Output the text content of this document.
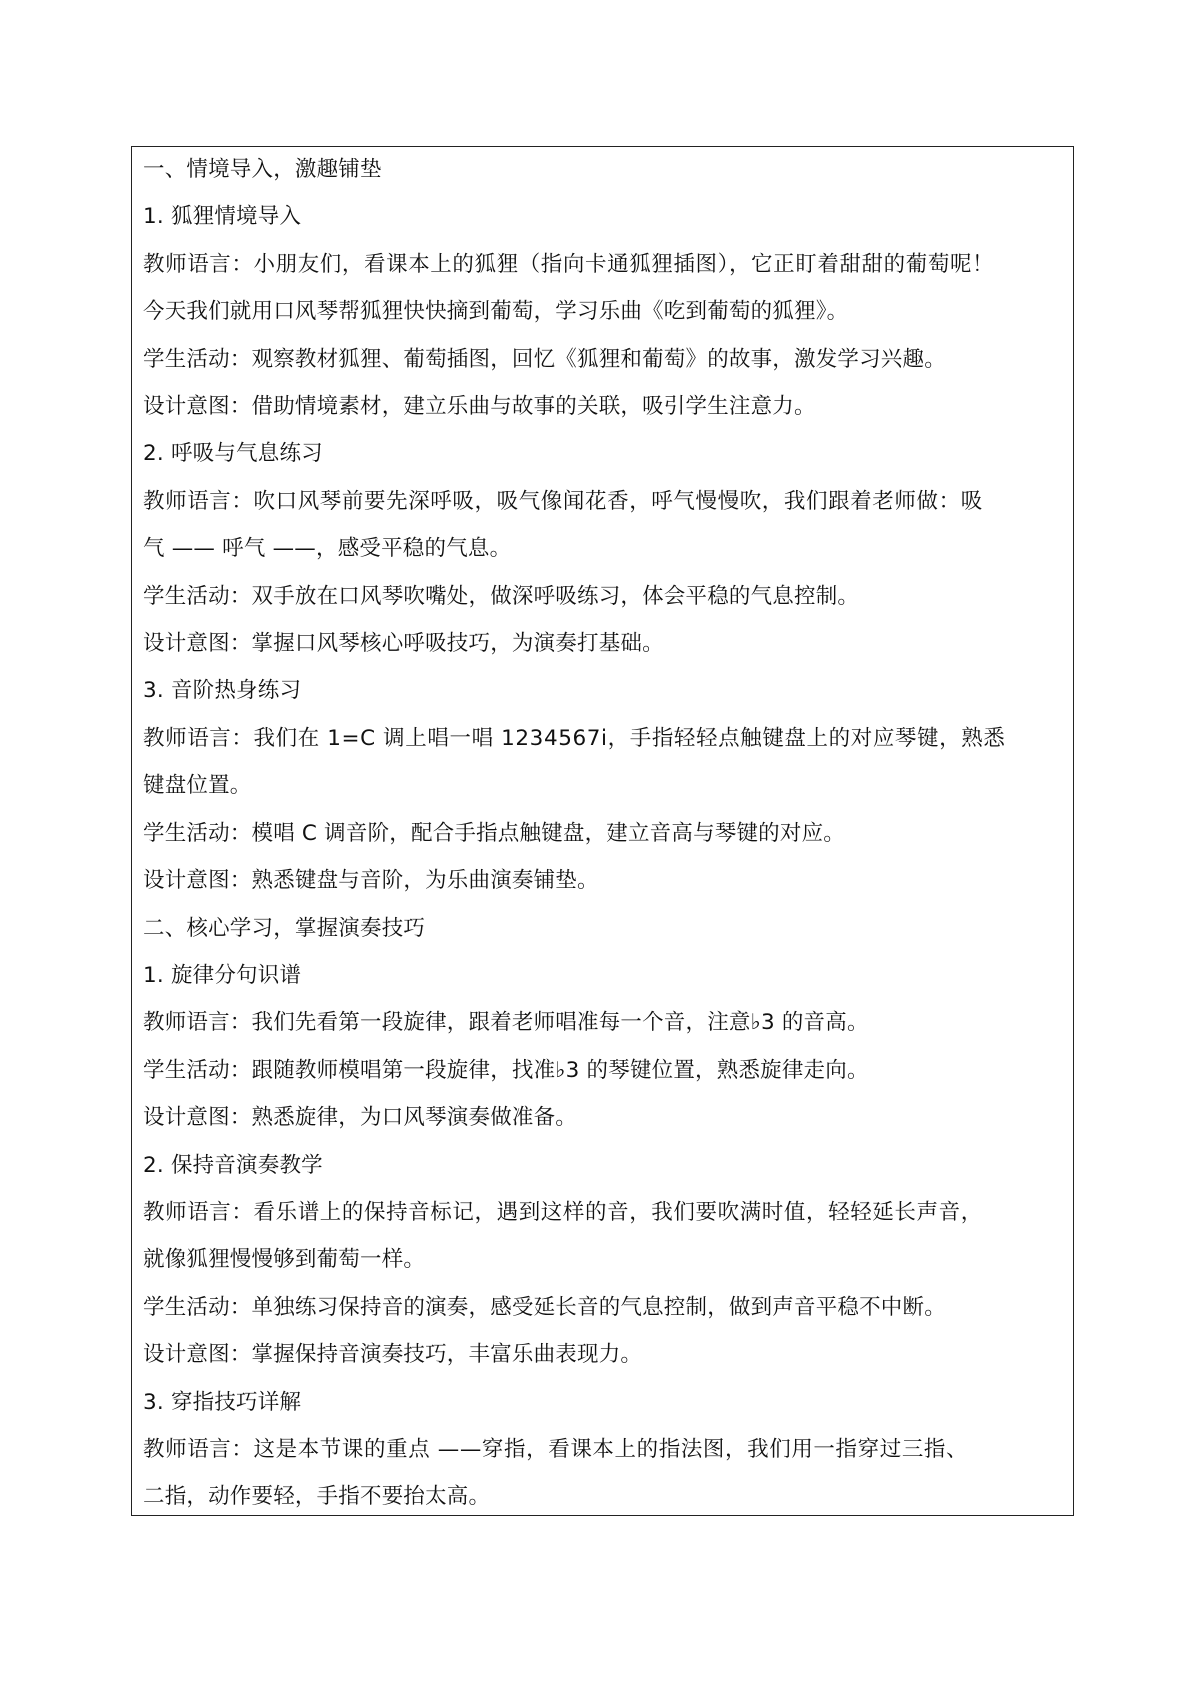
一、情境导入，激趣铺垫
1. 狐狸情境导入
教师语言：小朋友们，看课本上的狐狸（指向卡通狐狸插图），它正盯着甜甜的葡萄呢！
今天我们就用口风琴帮狐狸快快摘到葡萄，学习乐曲《吃到葡萄的狐狸》。
学生活动：观察教材狐狸、葡萄插图，回忆《狐狸和葡萄》的故事，激发学习兴趣。
设计意图：借助情境素材，建立乐曲与故事的关联，吸引学生注意力。
2. 呼吸与气息练习
教师语言：吹口风琴前要先深呼吸，吸气像闻花香，呼气慢慢吹，我们跟着老师做：吸
气 —— 呼气 ——，感受平稳的气息。
学生活动：双手放在口风琴吹嘴处，做深呼吸练习，体会平稳的气息控制。
设计意图：掌握口风琴核心呼吸技巧，为演奏打基础。
3. 音阶热身练习
教师语言：我们在 1=C 调上唱一唱 1234567i，手指轻轻点触键盘上的对应琴键，熟悉
键盘位置。
学生活动：模唱 C 调音阶，配合手指点触键盘，建立音高与琴键的对应。
设计意图：熟悉键盘与音阶，为乐曲演奏铺垫。
二、核心学习，掌握演奏技巧
1. 旋律分句识谱
教师语言：我们先看第一段旋律，跟着老师唱准每一个音，注意♭3 的音高。
学生活动：跟随教师模唱第一段旋律，找准♭3 的琴键位置，熟悉旋律走向。
设计意图：熟悉旋律，为口风琴演奏做准备。
2. 保持音演奏教学
教师语言：看乐谱上的保持音标记，遇到这样的音，我们要吹满时值，轻轻延长声音，
就像狐狸慢慢够到葡萄一样。
学生活动：单独练习保持音的演奏，感受延长音的气息控制，做到声音平稳不中断。
设计意图：掌握保持音演奏技巧，丰富乐曲表现力。
3. 穿指技巧详解
教师语言：这是本节课的重点 ——穿指，看课本上的指法图，我们用一指穿过三指、
二指，动作要轻，手指不要抬太高。
